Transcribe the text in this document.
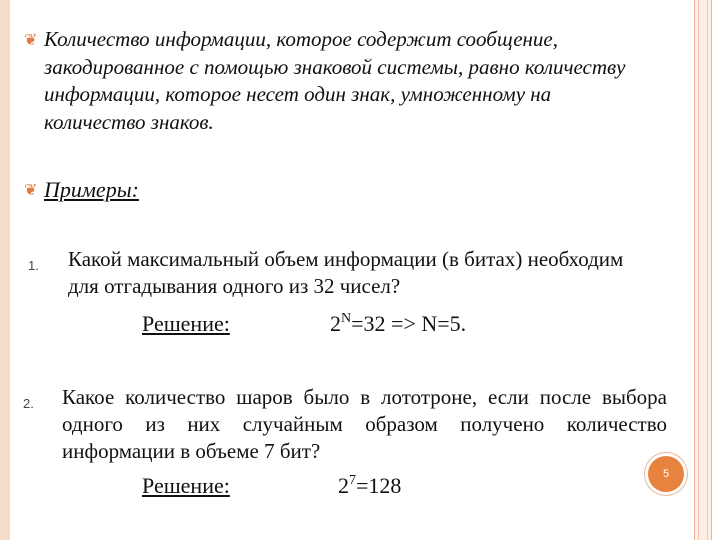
❦ Количество информации, которое содержит сообщение, закодированное с помощью знаковой системы, равно количеству информации, которое несет один знак, умноженному на количество знаков.
❦ Примеры:
1. Какой максимальный объем информации (в битах) необходим для отгадывания одного из 32 чисел?
Решение:	$2^N=32 => N=5$.
2. Какое количество шаров было в лототроне, если после выбора одного из них случайным образом получено количество информации в объеме 7 бит?
Решение:	$2^7=128$	5
